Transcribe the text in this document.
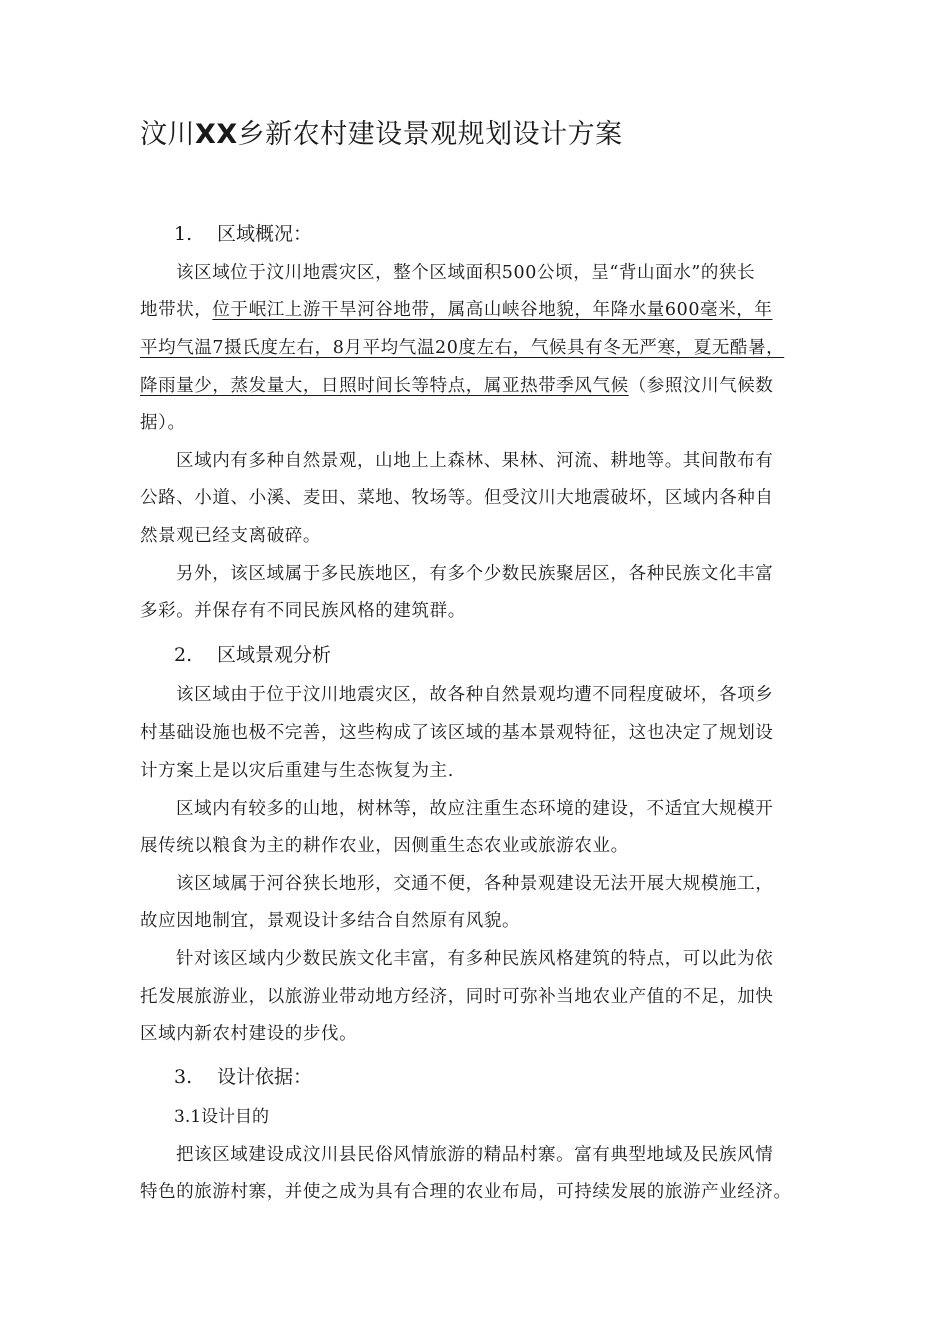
汶川XX乡新农村建设景观规划设计方案
1. 区域概况：
该区域位于汶川地震灾区，整个区域面积500公顷，呈“背山面水”的狭长
地带状，位于岷江上游干旱河谷地带，属高山峡谷地貌，年降水量600毫米，年
平均气温7摄氏度左右，8月平均气温20度左右，气候具有冬无严寒，夏无酷暑，
降雨量少，蒸发量大，日照时间长等特点，属亚热带季风气候（参照汶川气候数
据）。
区域内有多种自然景观，山地上上森林、果林、河流、耕地等。其间散布有
公路、小道、小溪、麦田、菜地、牧场等。但受汶川大地震破坏，区域内各种自
然景观已经支离破碎。
另外，该区域属于多民族地区，有多个少数民族聚居区，各种民族文化丰富
多彩。并保存有不同民族风格的建筑群。
2. 区域景观分析
该区域由于位于汶川地震灾区，故各种自然景观均遭不同程度破坏，各项乡
村基础设施也极不完善，这些构成了该区域的基本景观特征，这也决定了规划设
计方案上是以灾后重建与生态恢复为主.
区域内有较多的山地，树林等，故应注重生态环境的建设，不适宜大规模开
展传统以粮食为主的耕作农业，因侧重生态农业或旅游农业。
该区域属于河谷狭长地形，交通不便，各种景观建设无法开展大规模施工，
故应因地制宜，景观设计多结合自然原有风貌。
针对该区域内少数民族文化丰富，有多种民族风格建筑的特点，可以此为依
托发展旅游业，以旅游业带动地方经济，同时可弥补当地农业产值的不足，加快
区域内新农村建设的步伐。
3. 设计依据：
3.1设计目的
把该区域建设成汶川县民俗风情旅游的精品村寨。富有典型地域及民族风情
特色的旅游村寨，并使之成为具有合理的农业布局，可持续发展的旅游产业经济。
